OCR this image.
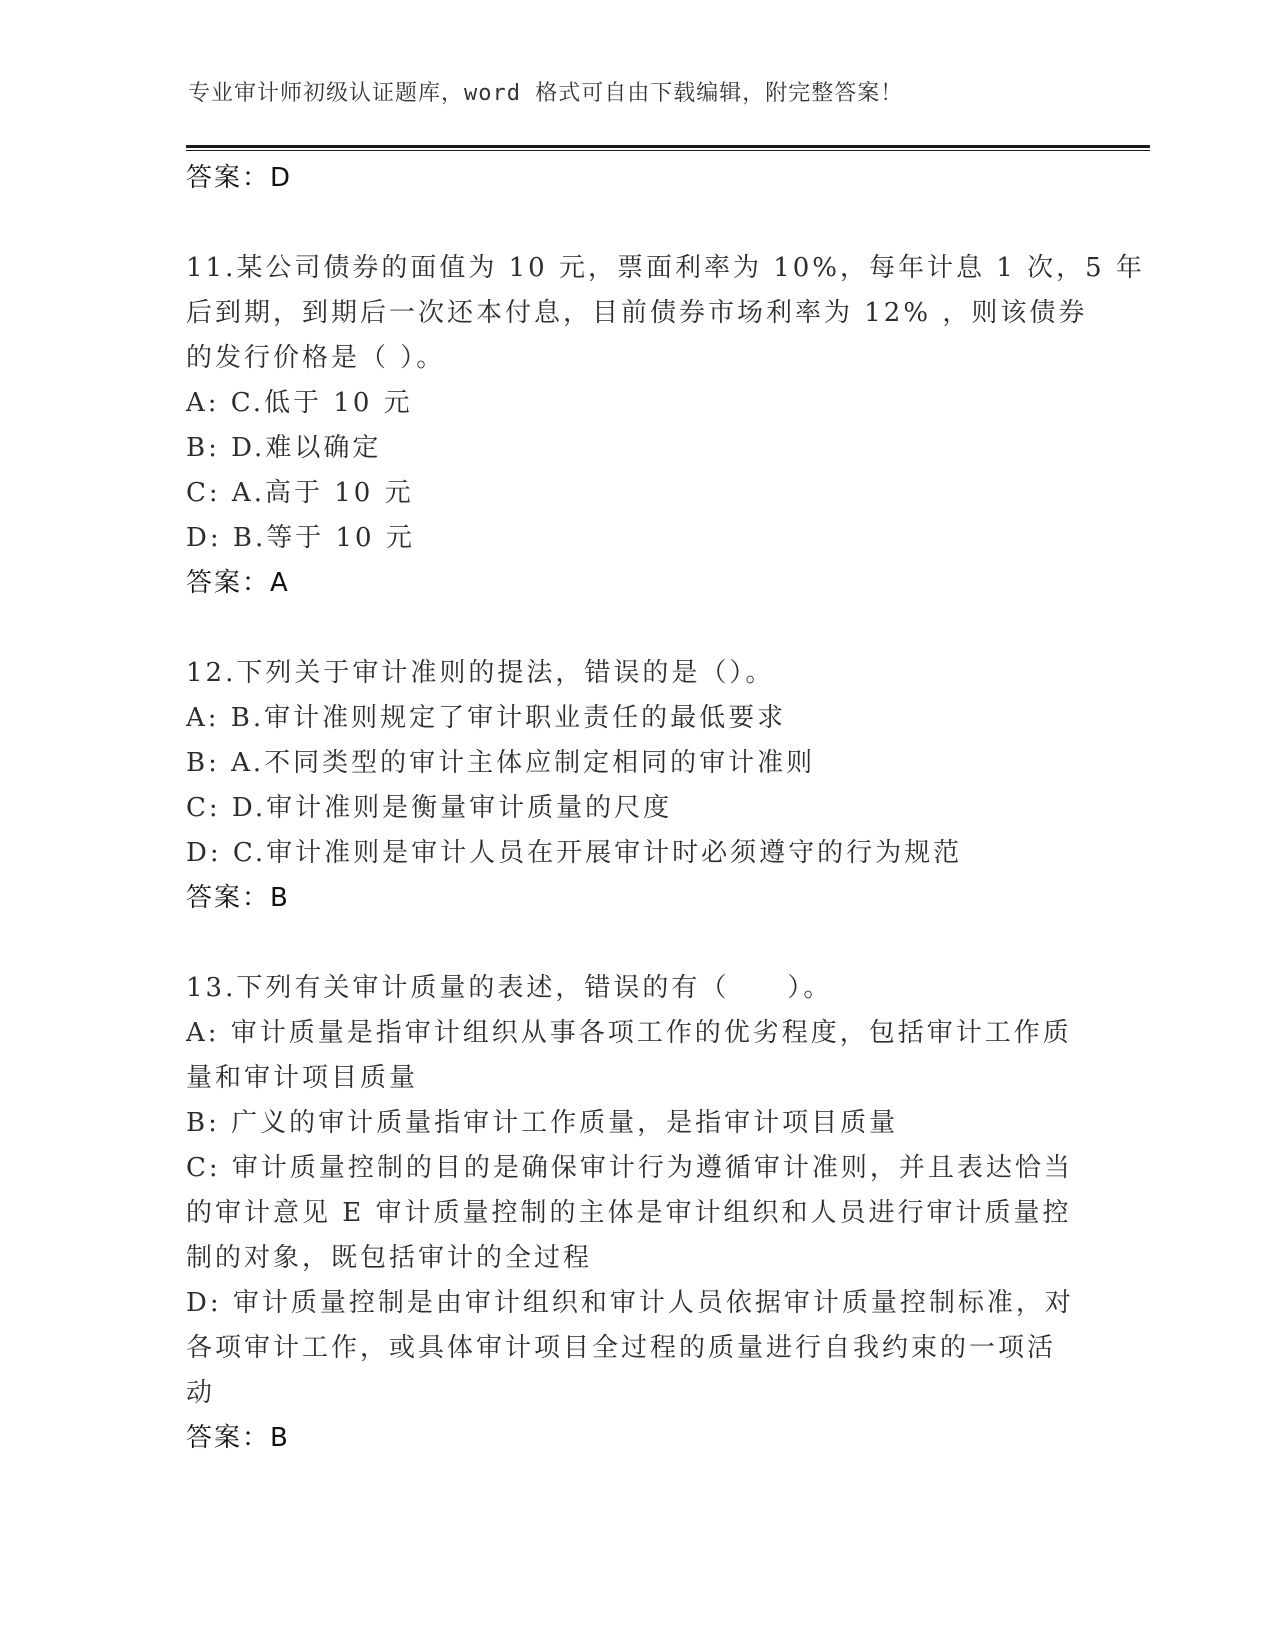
专业审计师初级认证题库，word 格式可自由下载编辑，附完整答案！
答案：D
11.某公司债券的面值为 10 元，票面利率为 10%，每年计息 1 次，5 年
后到期，到期后一次还本付息，目前债券市场利率为 12% ，则该债券
的发行价格是（ ）。
A: C.低于 10 元
B: D.难以确定
C: A.高于 10 元
D: B.等于 10 元
答案：A
12.下列关于审计准则的提法，错误的是（）。
A: B.审计准则规定了审计职业责任的最低要求
B: A.不同类型的审计主体应制定相同的审计准则
C: D.审计准则是衡量审计质量的尺度
D: C.审计准则是审计人员在开展审计时必须遵守的行为规范
答案：B
13.下列有关审计质量的表述，错误的有（　　）。
A: 审计质量是指审计组织从事各项工作的优劣程度，包括审计工作质
量和审计项目质量
B: 广义的审计质量指审计工作质量，是指审计项目质量
C: 审计质量控制的目的是确保审计行为遵循审计准则，并且表达恰当
的审计意见 E 审计质量控制的主体是审计组织和人员进行审计质量控
制的对象，既包括审计的全过程
D: 审计质量控制是由审计组织和审计人员依据审计质量控制标准，对
各项审计工作，或具体审计项目全过程的质量进行自我约束的一项活
动
答案：B
